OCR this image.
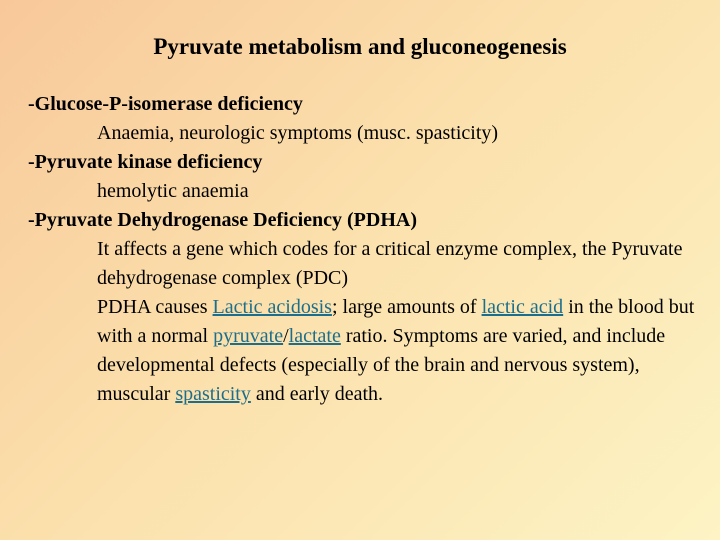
Pyruvate metabolism and gluconeogenesis
-Glucose-P-isomerase deficiency
Anaemia, neurologic symptoms (musc. spasticity)
-Pyruvate kinase deficiency
hemolytic anaemia
-Pyruvate Dehydrogenase Deficiency (PDHA)
It affects a gene which codes for a critical enzyme complex, the Pyruvate dehydrogenase complex (PDC)
PDHA causes Lactic acidosis; large amounts of lactic acid in the blood but with a normal pyruvate/lactate ratio. Symptoms are varied, and include developmental defects (especially of the brain and nervous system), muscular spasticity and early death.
